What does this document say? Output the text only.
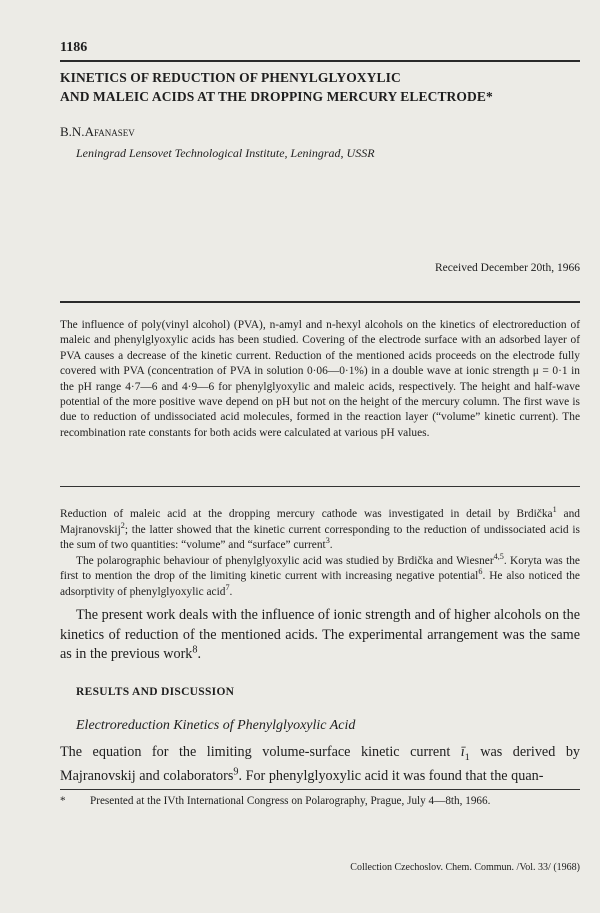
1186
KINETICS OF REDUCTION OF PHENYLGLYOXYLIC
AND MALEIC ACIDS AT THE DROPPING MERCURY ELECTRODE*
B.N.Afanasev
Leningrad Lensovet Technological Institute, Leningrad, USSR
Received December 20th, 1966
The influence of poly(vinyl alcohol) (PVA), n-amyl and n-hexyl alcohols on the kinetics of electroreduction of maleic and phenylglyoxylic acids has been studied. Covering of the electrode surface with an adsorbed layer of PVA causes a decrease of the kinetic current. Reduction of the mentioned acids proceeds on the electrode fully covered with PVA (concentration of PVA in solution 0·06—0·1%) in a double wave at ionic strength μ = 0·1 in the pH range 4·7—6 and 4·9—6 for phenylglyoxylic and maleic acids, respectively. The height and half-wave potential of the more positive wave depend on pH but not on the height of the mercury column. The first wave is due to reduction of undissociated acid molecules, formed in the reaction layer (“volume” kinetic current). The recombination rate constants for both acids were calculated at various pH values.

Reduction of maleic acid at the dropping mercury cathode was investigated in detail by Brdička$^1$ and Majranovskij$^2$; the latter showed that the kinetic current corresponding to the reduction of undissociated acid is the sum of two quantities: “volume” and “surface” current$^3$.

The polarographic behaviour of phenylglyoxylic acid was studied by Brdička and Wiesner$^{4,5}$. Koryta was the first to mention the drop of the limiting kinetic current with increasing negative potential$^6$. He also noticed the adsorptivity of phenylglyoxylic acid$^7$.

The present work deals with the influence of ionic strength and of higher alcohols on the kinetics of reduction of the mentioned acids. The experimental arrangement was the same as in the previous work$^8$.

RESULTS AND DISCUSSION
Electroreduction Kinetics of Phenylglyoxylic Acid

The equation for the limiting volume-surface kinetic current $ī_1$ was derived by Majranovskij and colaborators$^9$. For phenylglyoxylic acid it was found that the quan-

* Presented at the IVth International Congress on Polarography, Prague, July 4—8th, 1966.
Collection Czechoslov. Chem. Commun. /Vol. 33/ (1968)
